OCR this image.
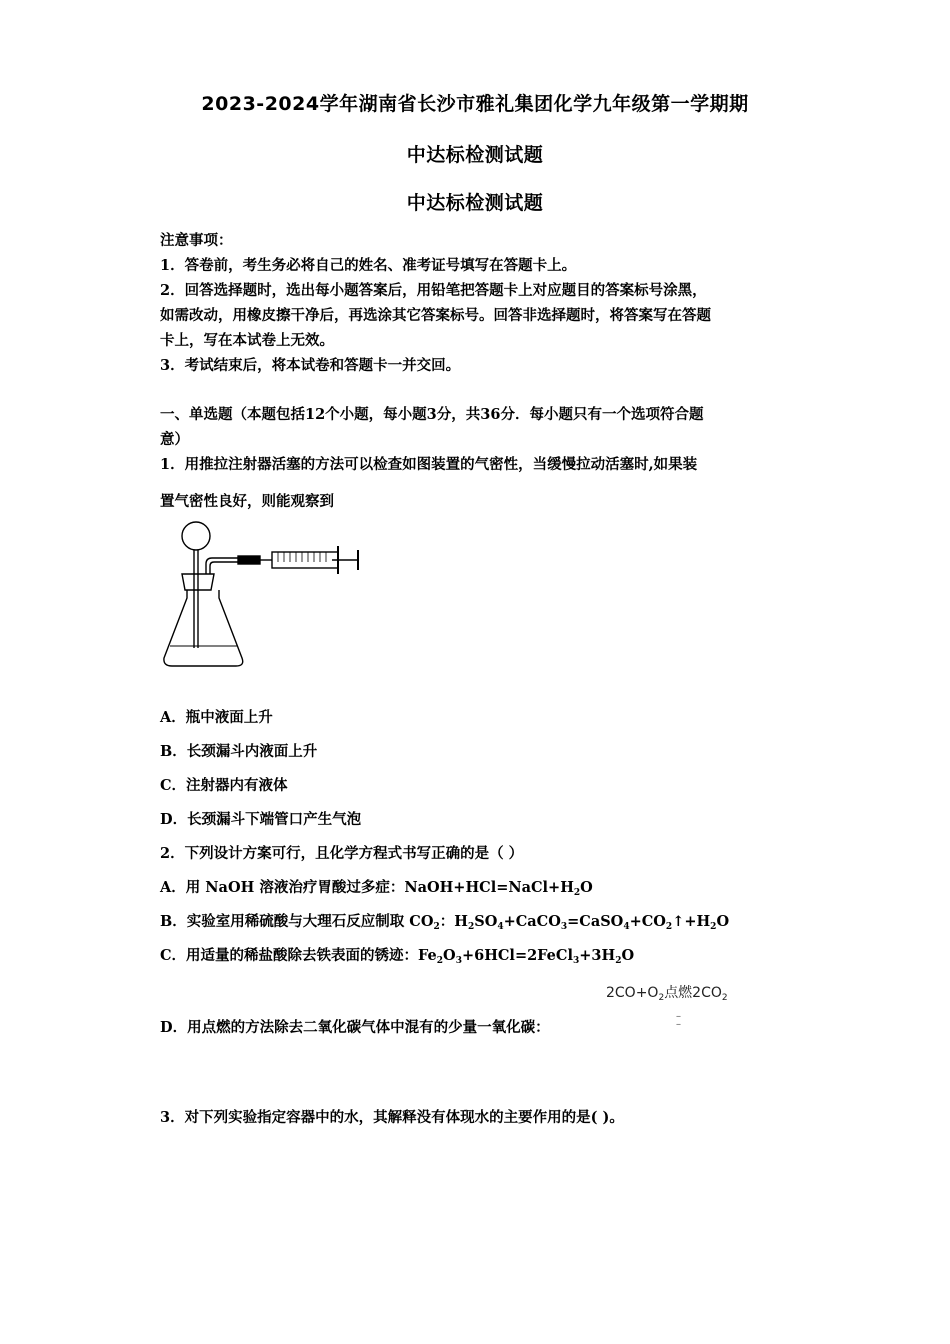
2023-2024学年湖南省长沙市雅礼集团化学九年级第一学期期
中达标检测试题
中达标检测试题
注意事项：
1．答卷前，考生务必将自己的姓名、准考证号填写在答题卡上。
2．回答选择题时，选出每小题答案后，用铅笔把答题卡上对应题目的答案标号涂黑，
如需改动，用橡皮擦干净后，再选涂其它答案标号。回答非选择题时，将答案写在答题
卡上，写在本试卷上无效。
3．考试结束后，将本试卷和答题卡一并交回。
一、单选题（本题包括12个小题，每小题3分，共36分．每小题只有一个选项符合题
意）
1．用推拉注射器活塞的方法可以检查如图装置的气密性，当缓慢拉动活塞时,如果装
置气密性良好，则能观察到
A．瓶中液面上升
B．长颈漏斗内液面上升
C．注射器内有液体
D．长颈漏斗下端管口产生气泡
2．下列设计方案可行，且化学方程式书写正确的是（ ）
A．用 NaOH 溶液治疗胃酸过多症：$NaOH+HCl=NaCl+H_2O$
B．实验室用稀硫酸与大理石反应制取 $CO_2$：$H_2SO_4+CaCO_3=CaSO_4+CO_2↑+H_2O$
C．用适量的稀盐酸除去铁表面的锈迹：$Fe_2O_3+6HCl=2FeCl_3+3H_2O$
$2CO+O_2$点燃$2CO_2$
–
–
D．用点燃的方法除去二氧化碳气体中混有的少量一氧化碳：
3．对下列实验指定容器中的水，其解释没有体现水的主要作用的是( )。
